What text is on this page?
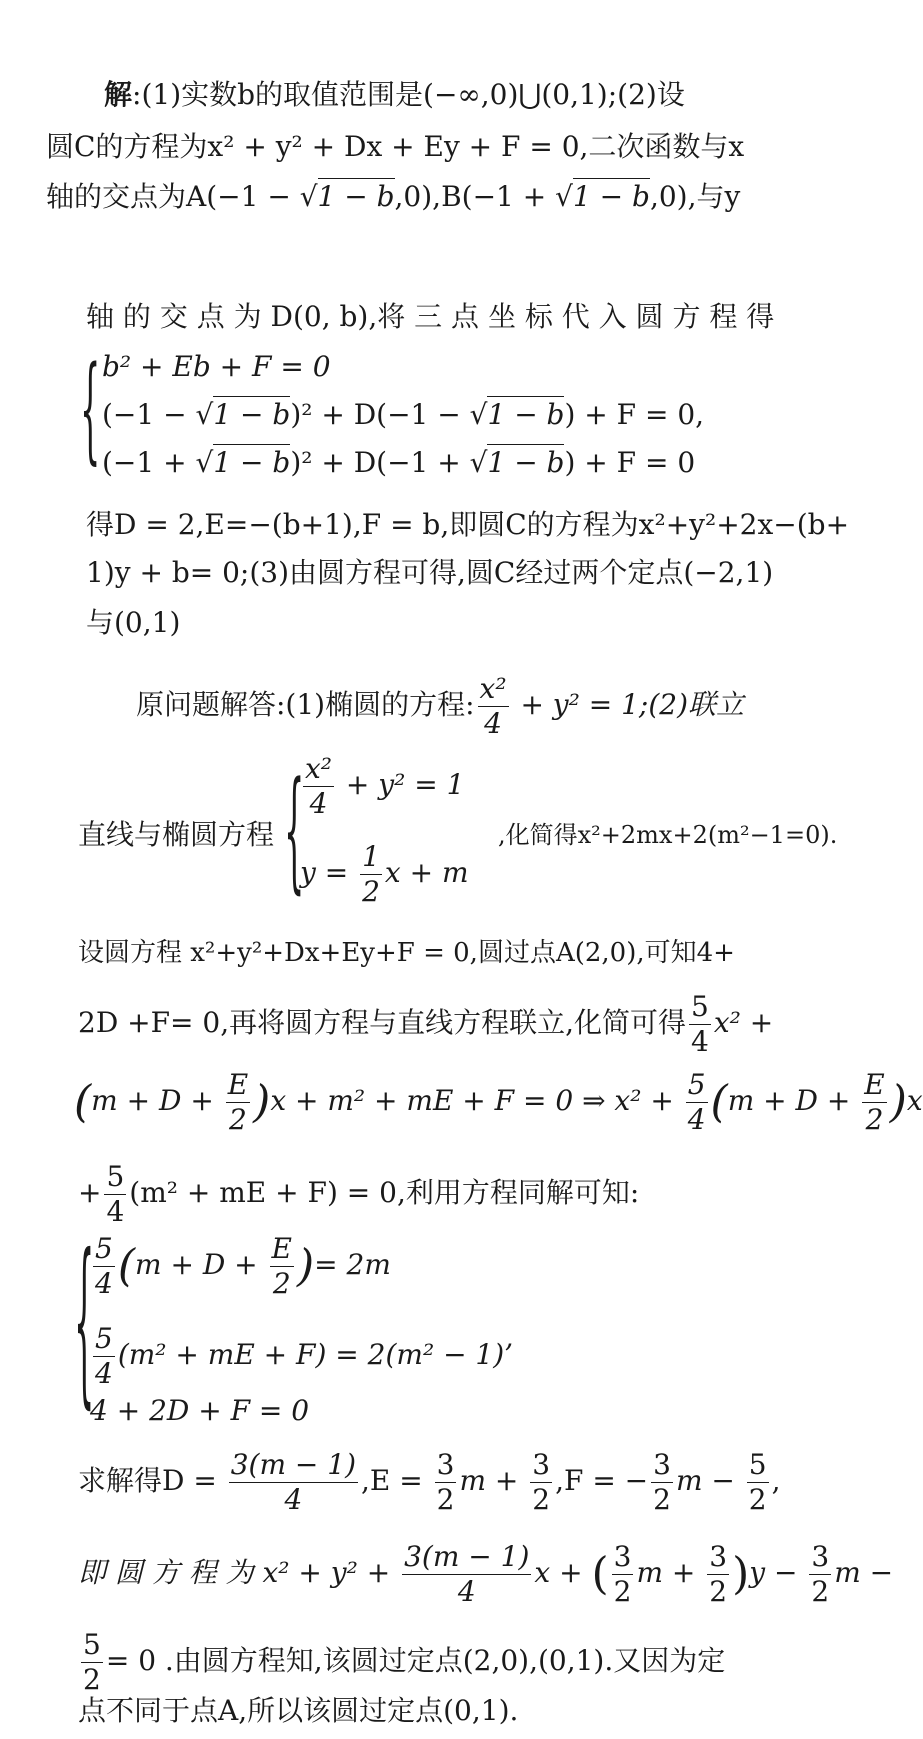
解:(1)实数b的取值范围是(−∞,0)⋃(0,1);(2)设
圆C的方程为x² + y² + Dx + Ey + F = 0,二次函数与x
轴的交点为A(−1 − √1 − b,0),B(−1 + √1 − b,0),与y
轴 的 交 点 为 D(0, b),将 三 点 坐 标 代 入 圆 方 程 得
{ b² + Eb + F = 0
(−1 − √1 − b)² + D(−1 − √1 − b) + F = 0,
(−1 + √1 − b)² + D(−1 + √1 − b) + F = 0
得D = 2,E=−(b+1),F = b,即圆C的方程为x²+y²+2x−(b+
1)y + b= 0;(3)由圆方程可得,圆C经过两个定点(−2,1)
与(0,1)
原问题解答:(1)椭圆的方程: $\frac{\text{x²}}{4} + y^2$ = 1;(2)联立
直线与椭圆方程 {
$\frac{\text{x²}}{4} + y^2 = 1$
$y = \frac{1}{2}$ x + m
,化简得x²+2mx+2(m²−1=0).
设圆方程 x²+y²+Dx+Ey+F = 0,圆过点A(2,0),可知4+
2D +F= 0,再将圆方程与直线方程联立,化简可得 $\frac{5}{4} x^2$ +
$(m + D + \frac{E}{2} )x + m^2$ + mE + F = 0 ⇒ $x^2 + \frac{5}{4} (m + D + \frac{E}{2} )x$
+ $\frac{5}{4} (m^2$ + mE + F) = 0,利用方程同解可知:
{
$\frac{5}{4} (m + D + \frac{E}{2}$ )= 2m
$\frac{5}{4} (m^2$ + mE + F) = 2(m² − 1)’
4 + 2D + F = 0
求解得$D = \frac{3(m - 1)}{4} ,E = \frac{3}{2}$ $m + \frac{3}{2} ,F$ = − $\frac{3}{2}$ $m - \frac{5}{2}$ ,
即 圆 方 程 为 $x^2 + y^2 + \frac{3(m - 1)}{4}$ x + ( $\frac{3}{2}$ $m + \frac{3}{2} )y - \frac{3}{2}$ m −
$\frac{5}{2} = 0$ .由圆方程知,该圆过定点(2,0),(0,1).又因为定
点不同于点A,所以该圆过定点(0,1).
